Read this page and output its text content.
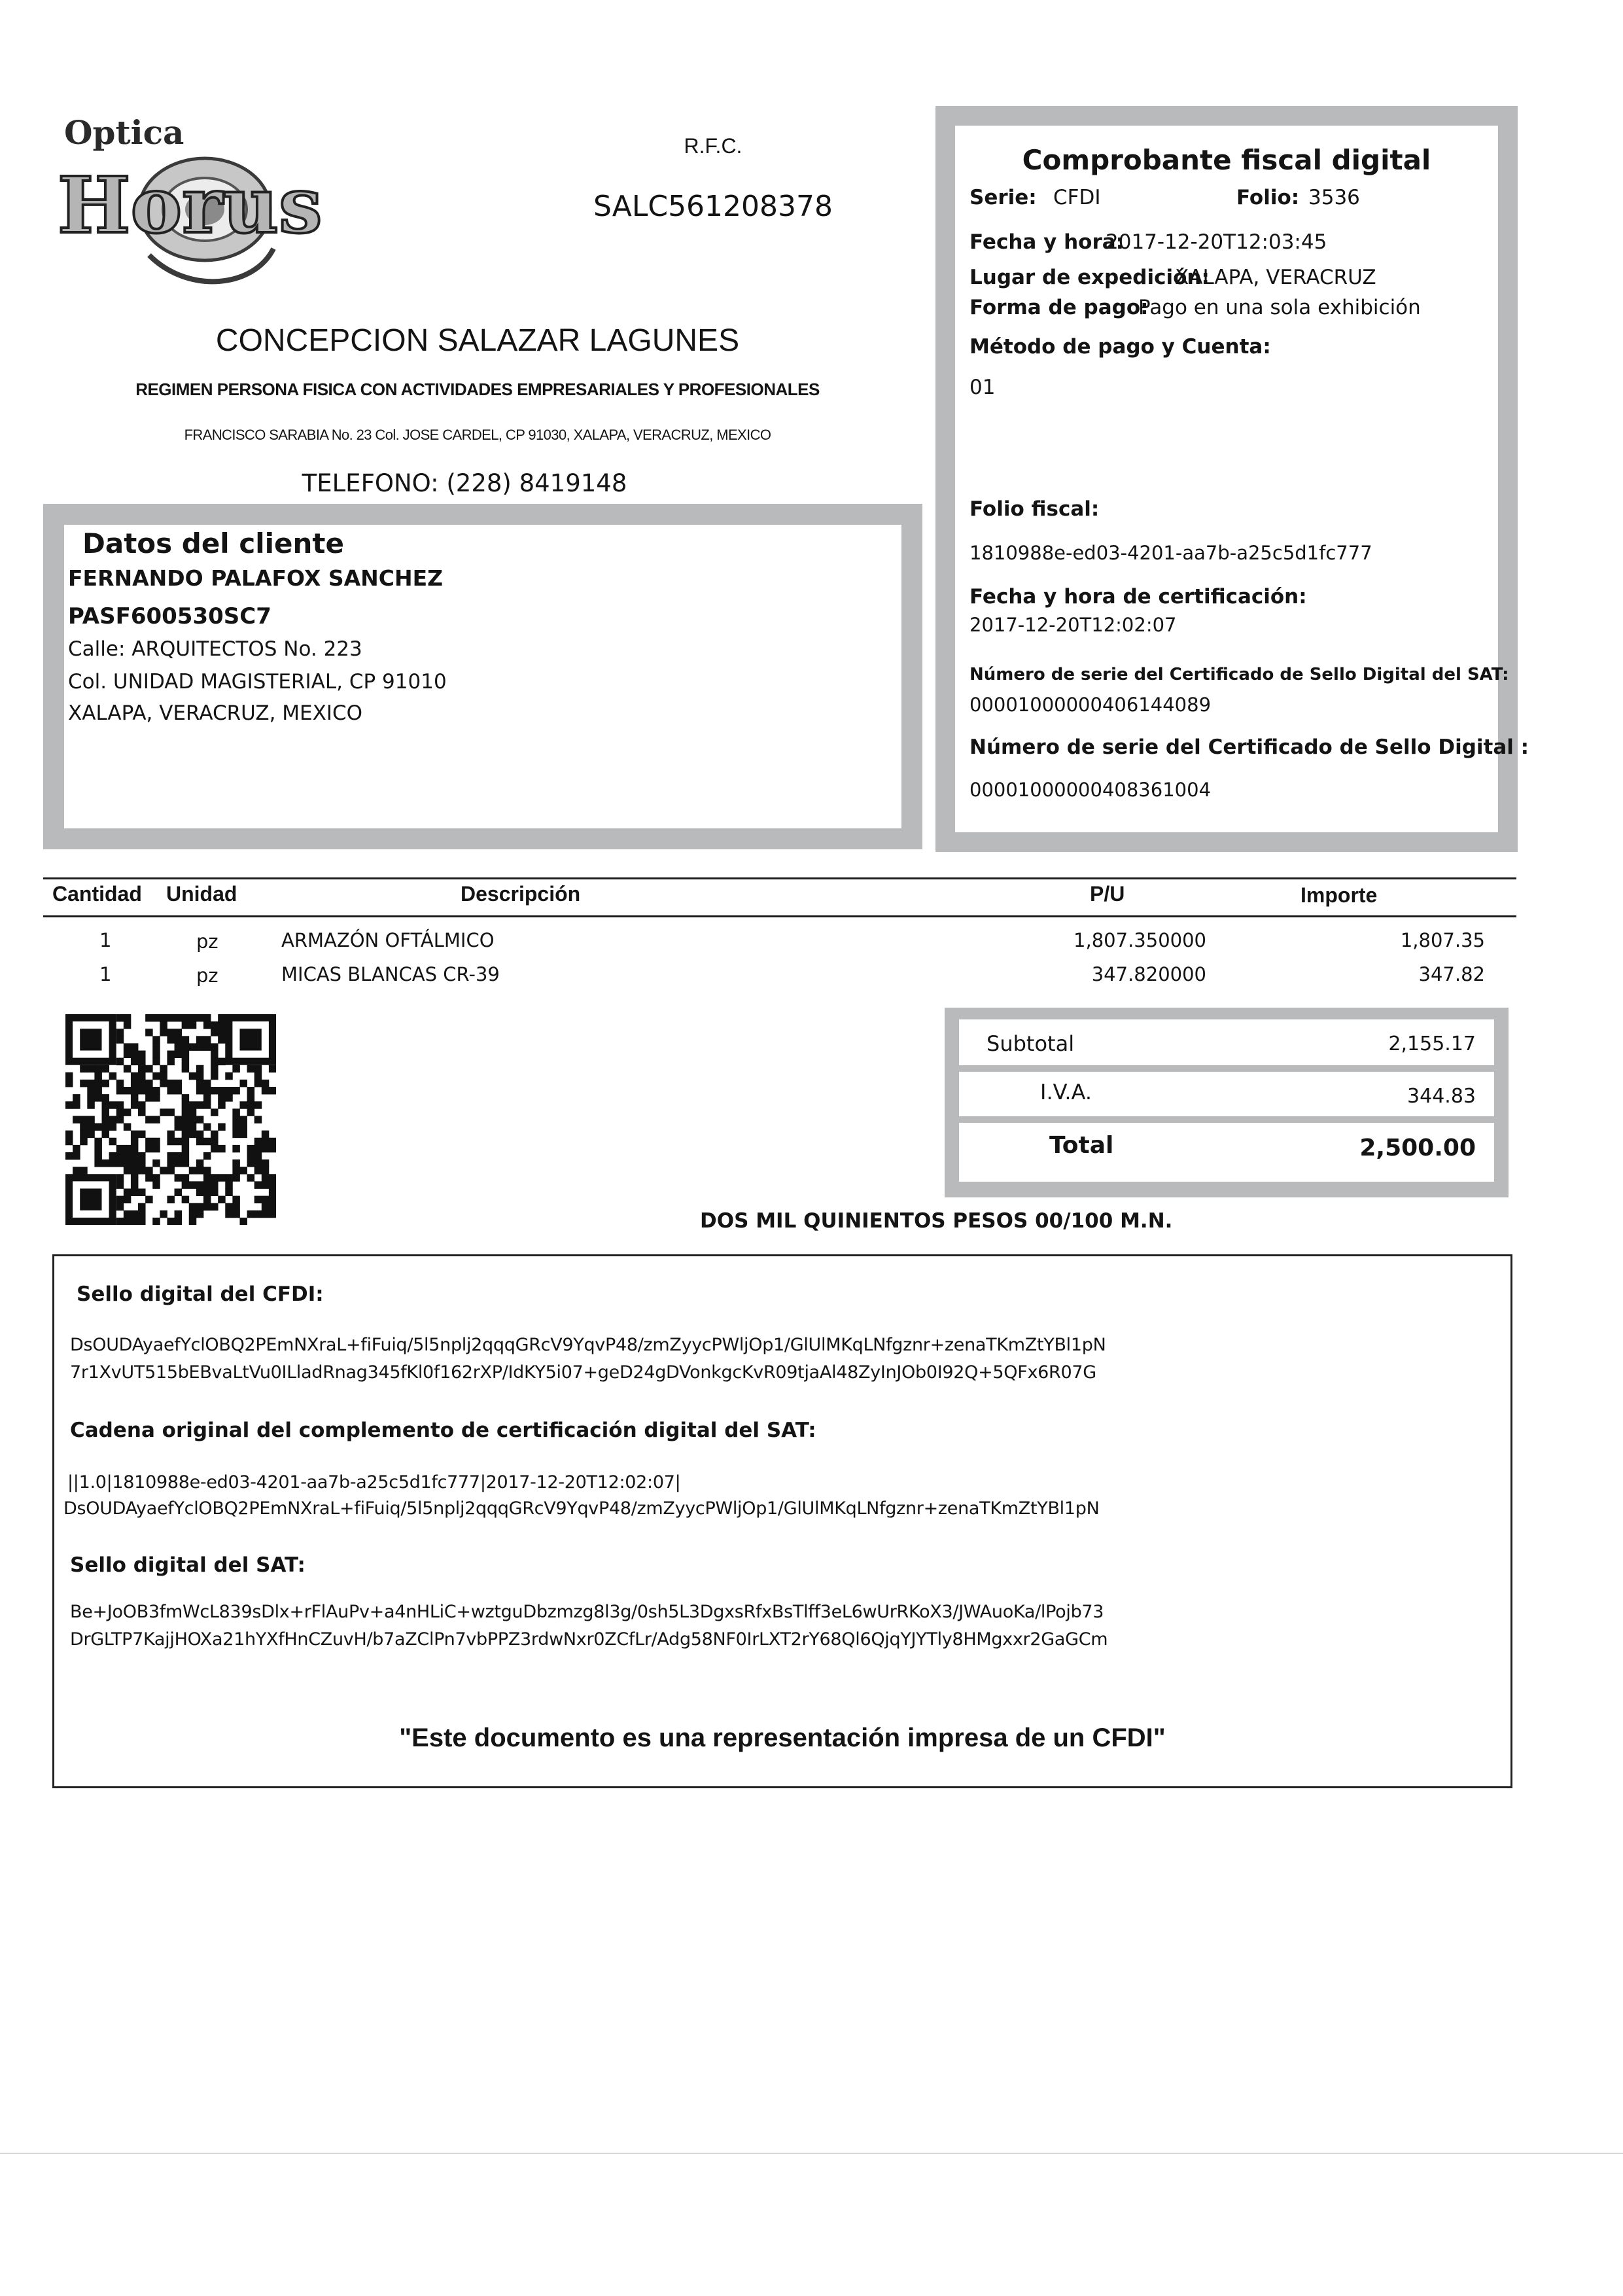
Optica
Horus
R.F.C.
SALC561208378
CONCEPCION SALAZAR LAGUNES
REGIMEN PERSONA FISICA CON ACTIVIDADES EMPRESARIALES Y PROFESIONALES
FRANCISCO SARABIA No. 23 Col. JOSE CARDEL, CP 91030, XALAPA, VERACRUZ, MEXICO
TELEFONO: (228) 8419148
Comprobante fiscal digital
Serie: CFDI	Folio: 3536
Fecha y hora:
2017-12-20T12:03:45
Lugar de expedición:
XALAPA, VERACRUZ
Forma de pago:
Pago en una sola exhibición
Método de pago y Cuenta:
01
Folio fiscal:
1810988e-ed03-4201-aa7b-a25c5d1fc777
Fecha y hora de certificación:
2017-12-20T12:02:07
Número de serie del Certificado de Sello Digital del SAT:
00001000000406144089
Número de serie del Certificado de Sello Digital :
00001000000408361004
Datos del cliente
FERNANDO PALAFOX SANCHEZ
PASF600530SC7
Calle: ARQUITECTOS No. 223
Col. UNIDAD MAGISTERIAL, CP 91010
XALAPA, VERACRUZ, MEXICO
Cantidad Unidad	Descripción	P/U	Importe
1	pz	ARMAZÓN OFTÁLMICO	1,807.350000	1,807.35
1	pz	MICAS BLANCAS CR-39	347.820000	347.82
Subtotal	2,155.17
I.V.A.	344.83
Total	2,500.00
DOS MIL QUINIENTOS PESOS 00/100 M.N.
Sello digital del CFDI:
DsOUDAyaefYclOBQ2PEmNXraL+fiFuiq/5l5nplj2qqqGRcV9YqvP48/zmZyycPWljOp1/GlUlMKqLNfgznr+zenaTKmZtYBl1pN
7r1XvUT515bEBvaLtVu0ILladRnag345fKl0f162rXP/IdKY5i07+geD24gDVonkgcKvR09tjaAl48ZyInJOb0I92Q+5QFx6R07G
Cadena original del complemento de certificación digital del SAT:
||1.0|1810988e-ed03-4201-aa7b-a25c5d1fc777|2017-12-20T12:02:07|
DsOUDAyaefYclOBQ2PEmNXraL+fiFuiq/5l5nplj2qqqGRcV9YqvP48/zmZyycPWljOp1/GlUlMKqLNfgznr+zenaTKmZtYBl1pN
Sello digital del SAT:
Be+JoOB3fmWcL839sDlx+rFlAuPv+a4nHLiC+wztguDbzmzg8l3g/0sh5L3DgxsRfxBsTlff3eL6wUrRKoX3/JWAuoKa/lPojb73
DrGLTP7KajjHOXa21hYXfHnCZuvH/b7aZClPn7vbPPZ3rdwNxr0ZCfLr/Adg58NF0IrLXT2rY68Ql6QjqYJYTly8HMgxxr2GaGCm
"Este documento es una representación impresa de un CFDI"
